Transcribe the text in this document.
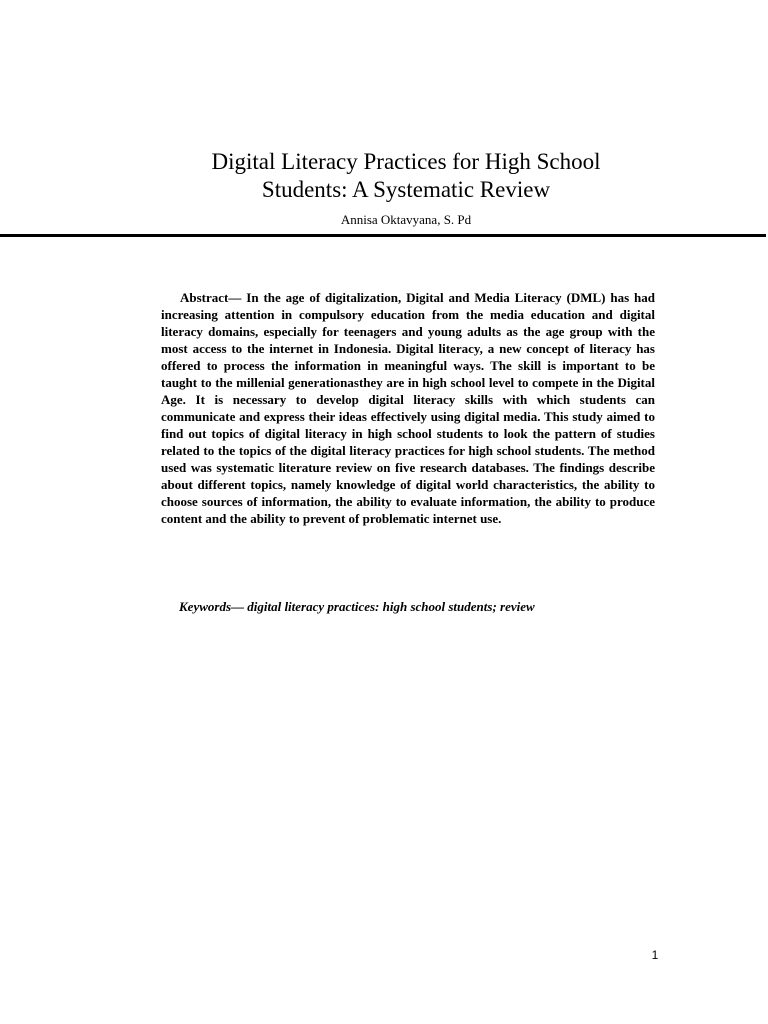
Digital Literacy Practices for High School
Students: A Systematic Review
Annisa Oktavyana, S. Pd

Abstract— In the age of digitalization, Digital and Media Literacy (DML) has had increasing attention in compulsory education from the media education and digital literacy domains, especially for teenagers and young adults as the age group with the most access to the internet in Indonesia. Digital literacy, a new concept of literacy has offered to process the information in meaningful ways. The skill is important to be taught to the millenial generationasthey are in high school level to compete in the Digital Age. It is necessary to develop digital literacy skills with which students can communicate and express their ideas effectively using digital media. This study aimed to find out topics of digital literacy in high school students to look the pattern of studies related to the topics of the digital literacy practices for high school students. The method used was systematic literature review on five research databases. The findings describe about different topics, namely knowledge of digital world characteristics, the ability to choose sources of information, the ability to evaluate information, the ability to produce content and the ability to prevent of problematic internet use.

Keywords— digital literacy practices: high school students; review

1
